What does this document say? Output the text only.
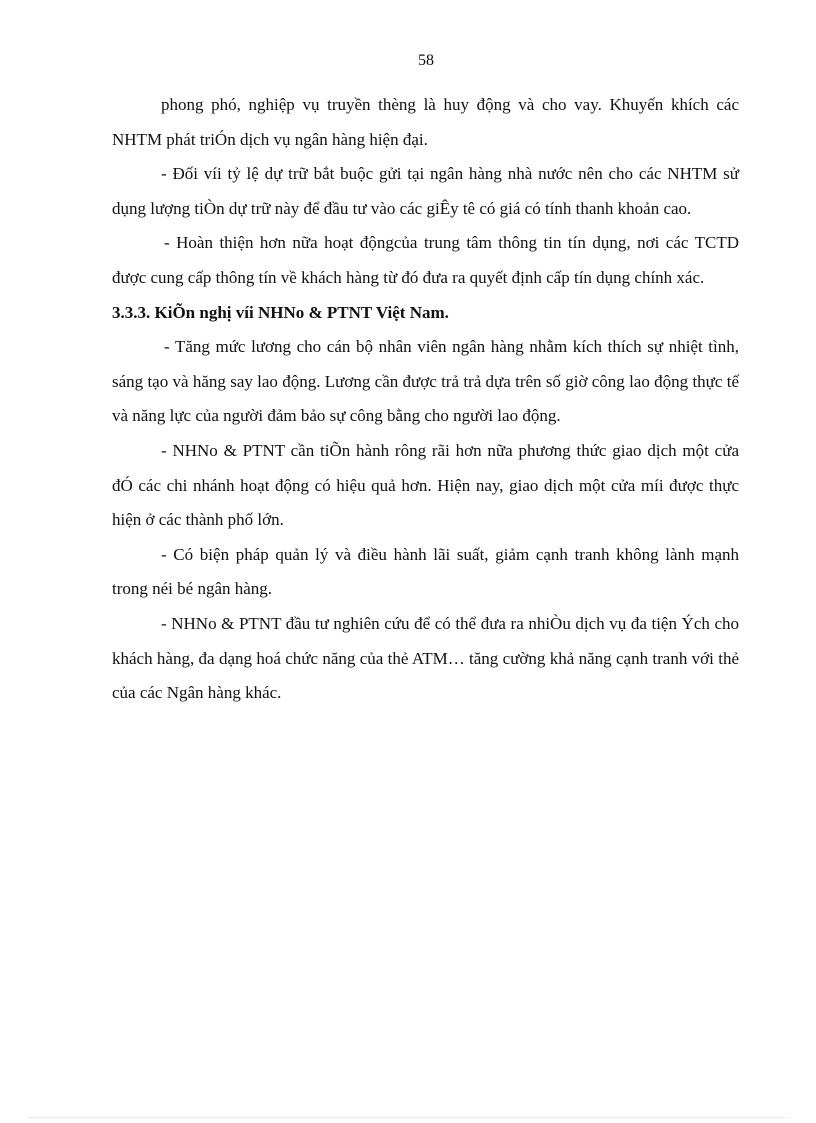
58

phong phó, nghiệp vụ truyền thèng là huy động và cho vay. Khuyến khích các NHTM phát triÓn dịch vụ ngân hàng hiện đại.

- Đối víi tỷ lệ dự trữ bắt buộc gửi tại ngân hàng nhà nước nên cho các NHTM sử dụng lượng tiÒn dự trữ này để đầu tư vào các giÊy tê có giá có tính thanh khoản cao.

- Hoàn thiện hơn nữa hoạt độngcủa trung tâm thông tin tín dụng, nơi các TCTD được cung cấp thông tín về khách hàng từ đó đưa ra quyết định cấp tín dụng chính xác.

3.3.3. KiÕn nghị víi NHNo & PTNT Việt Nam.

- Tăng mức lương cho cán bộ nhân viên ngân hàng nhằm kích thích sự nhiệt tình, sáng tạo và hăng say lao động. Lương cần được trả trả dựa trên số giờ công lao động thực tế và năng lực của người đảm bảo sự công bằng cho người lao động.

- NHNo & PTNT cần tiÕn hành rông rãi hơn nữa phương thức giao dịch một cửa đÓ các chi nhánh hoạt động có hiệu quả hơn. Hiện nay, giao dịch một cửa míi được thực hiện ở các thành phố lớn.

- Có biện pháp quản lý và điều hành lãi suất, giảm cạnh tranh không lành mạnh trong néi bé ngân hàng.

- NHNo & PTNT đầu tư nghiên cứu để có thể đưa ra nhiÒu dịch vụ đa tiện Ých cho khách hàng, đa dạng hoá chức năng của thẻ ATM… tăng cường khả năng cạnh tranh với thẻ của các Ngân hàng khác.
